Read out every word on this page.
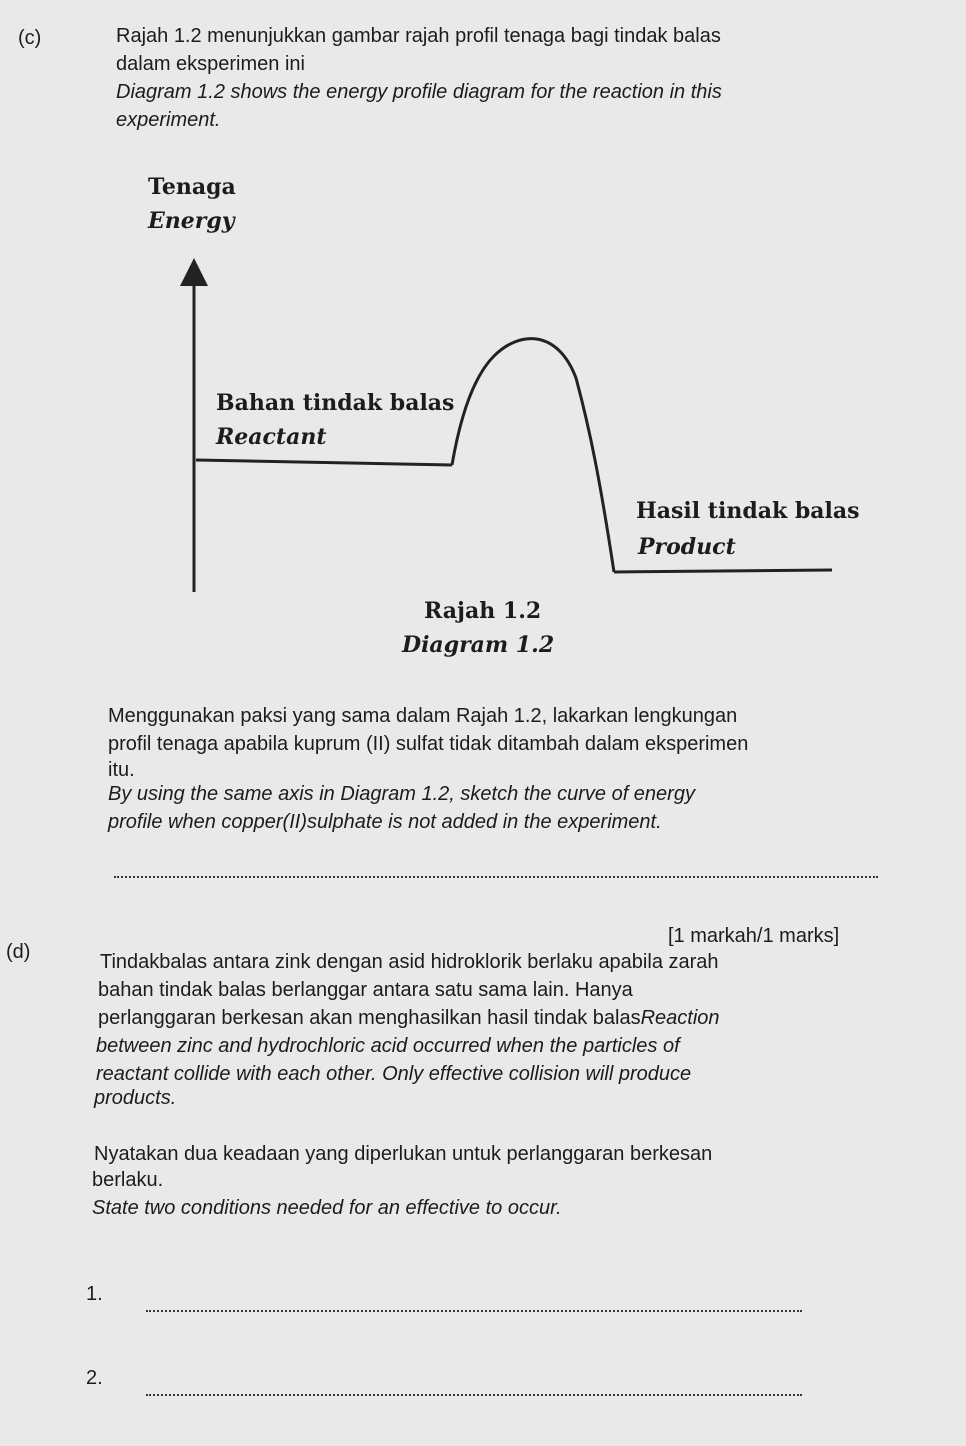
(c)	Rajah 1.2 menunjukkan gambar rajah profil tenaga bagi tindak balas
dalam eksperimen ini
Diagram 1.2 shows the energy profile diagram for the reaction in this
experiment.
Tenaga
Energy
Bahan tindak balas
Reactant
Hasil tindak balas
Product
Rajah 1.2
Diagram 1.2
Menggunakan paksi yang sama dalam Rajah 1.2, lakarkan lengkungan
profil tenaga apabila kuprum (II) sulfat tidak ditambah dalam eksperimen
itu.
By using the same axis in Diagram 1.2, sketch the curve of energy
profile when copper(II)sulphate is not added in the experiment.
[1 markah/1 marks]
(d)	Tindakbalas antara zink dengan asid hidroklorik berlaku apabila zarah
bahan tindak balas berlanggar antara satu sama lain. Hanya
perlanggaran berkesan akan menghasilkan hasil tindak balasReaction
between zinc and hydrochloric acid occurred when the particles of
reactant collide with each other. Only effective collision will produce
products.
Nyatakan dua keadaan yang diperlukan untuk perlanggaran berkesan
berlaku.
State two conditions needed for an effective to occur.
1.
2.
